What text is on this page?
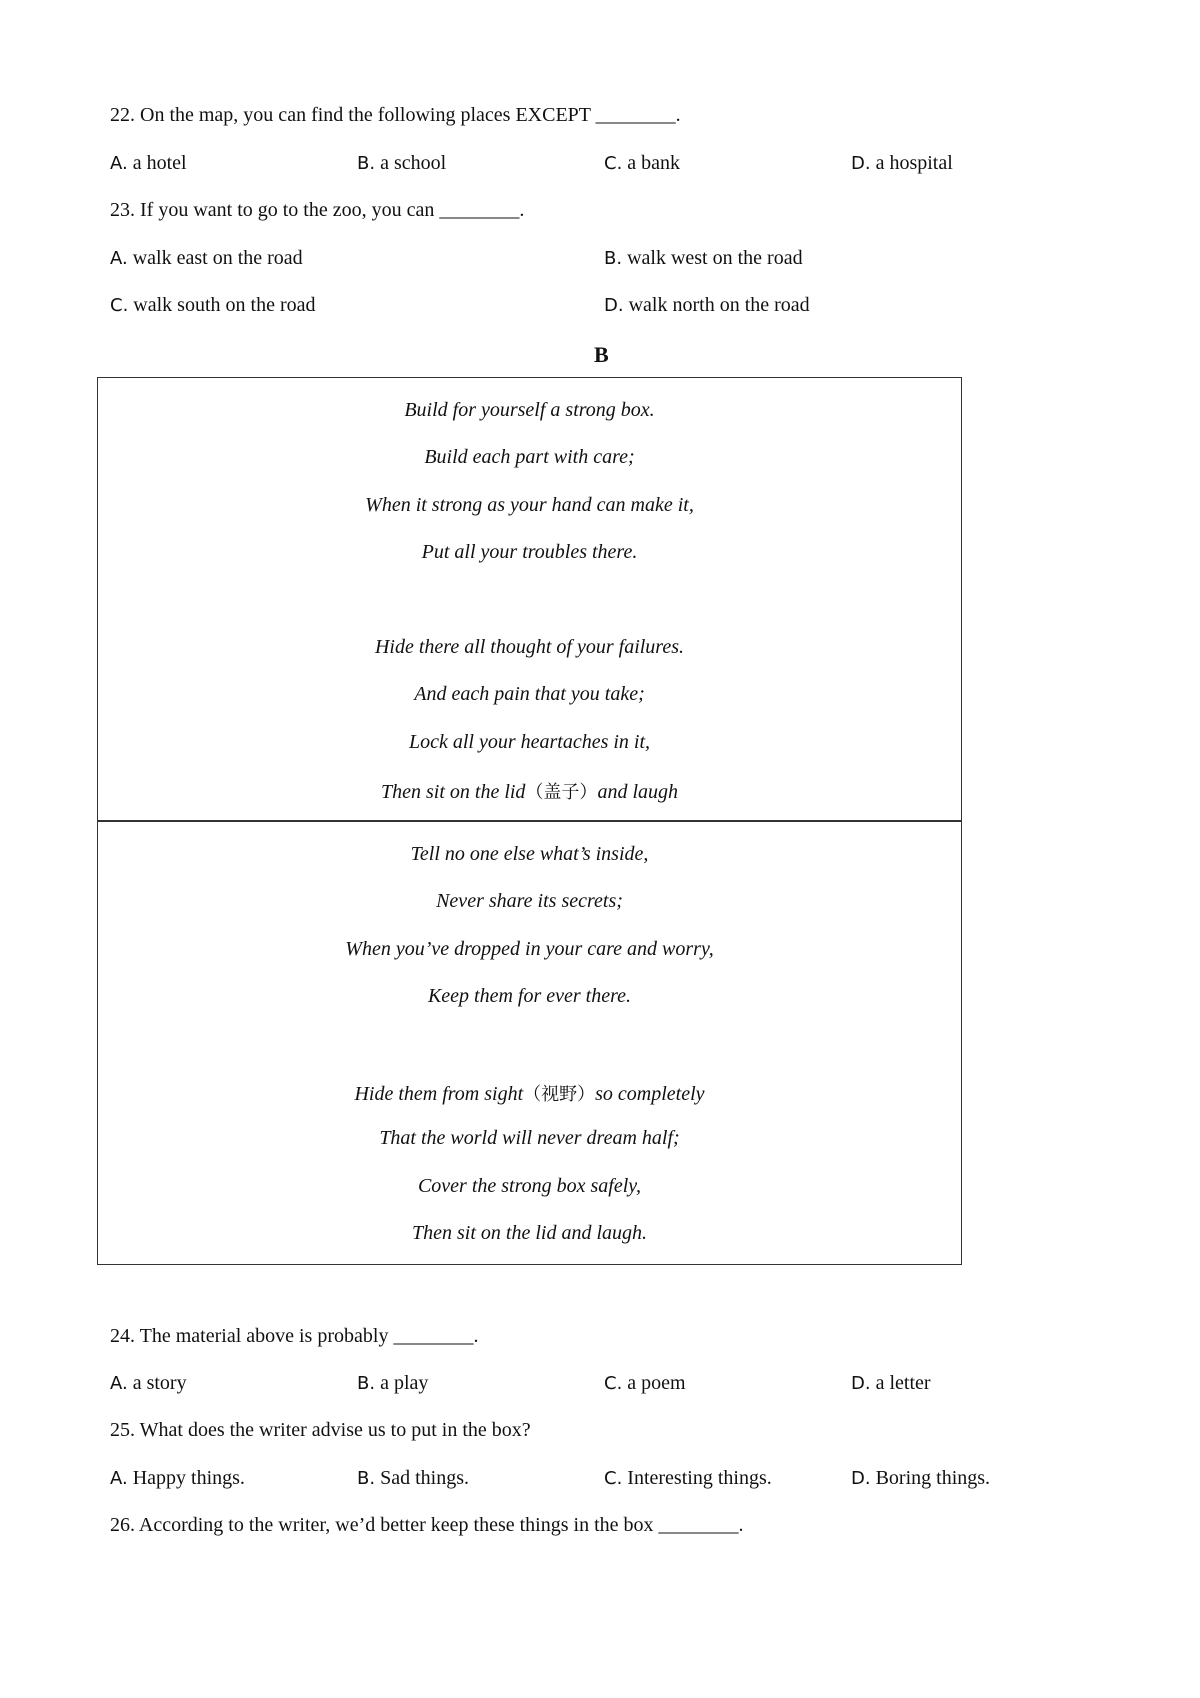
22. On the map, you can find the following places EXCEPT ________.
A. a hotel	B. a school	C. a bank	D. a hospital
23. If you want to go to the zoo, you can ________.
A. walk east on the road	B. walk west on the road
C. walk south on the road	D. walk north on the road
B
Build for yourself a strong box.
Build each part with care;
When it strong as your hand can make it,
Put all your troubles there.
Hide there all thought of your failures.
And each pain that you take;
Lock all your heartaches in it,
Then sit on the lid（盖子）and laugh
Tell no one else what’s inside,
Never share its secrets;
When you’ve dropped in your care and worry,
Keep them for ever there.
Hide them from sight（视野）so completely
That the world will never dream half;
Cover the strong box safely,
Then sit on the lid and laugh.
24. The material above is probably ________.
A. a story	B. a play	C. a poem	D. a letter
25. What does the writer advise us to put in the box?
A. Happy things.	B. Sad things.	C. Interesting things.	D. Boring things.
26. According to the writer, we’d better keep these things in the box ________.
